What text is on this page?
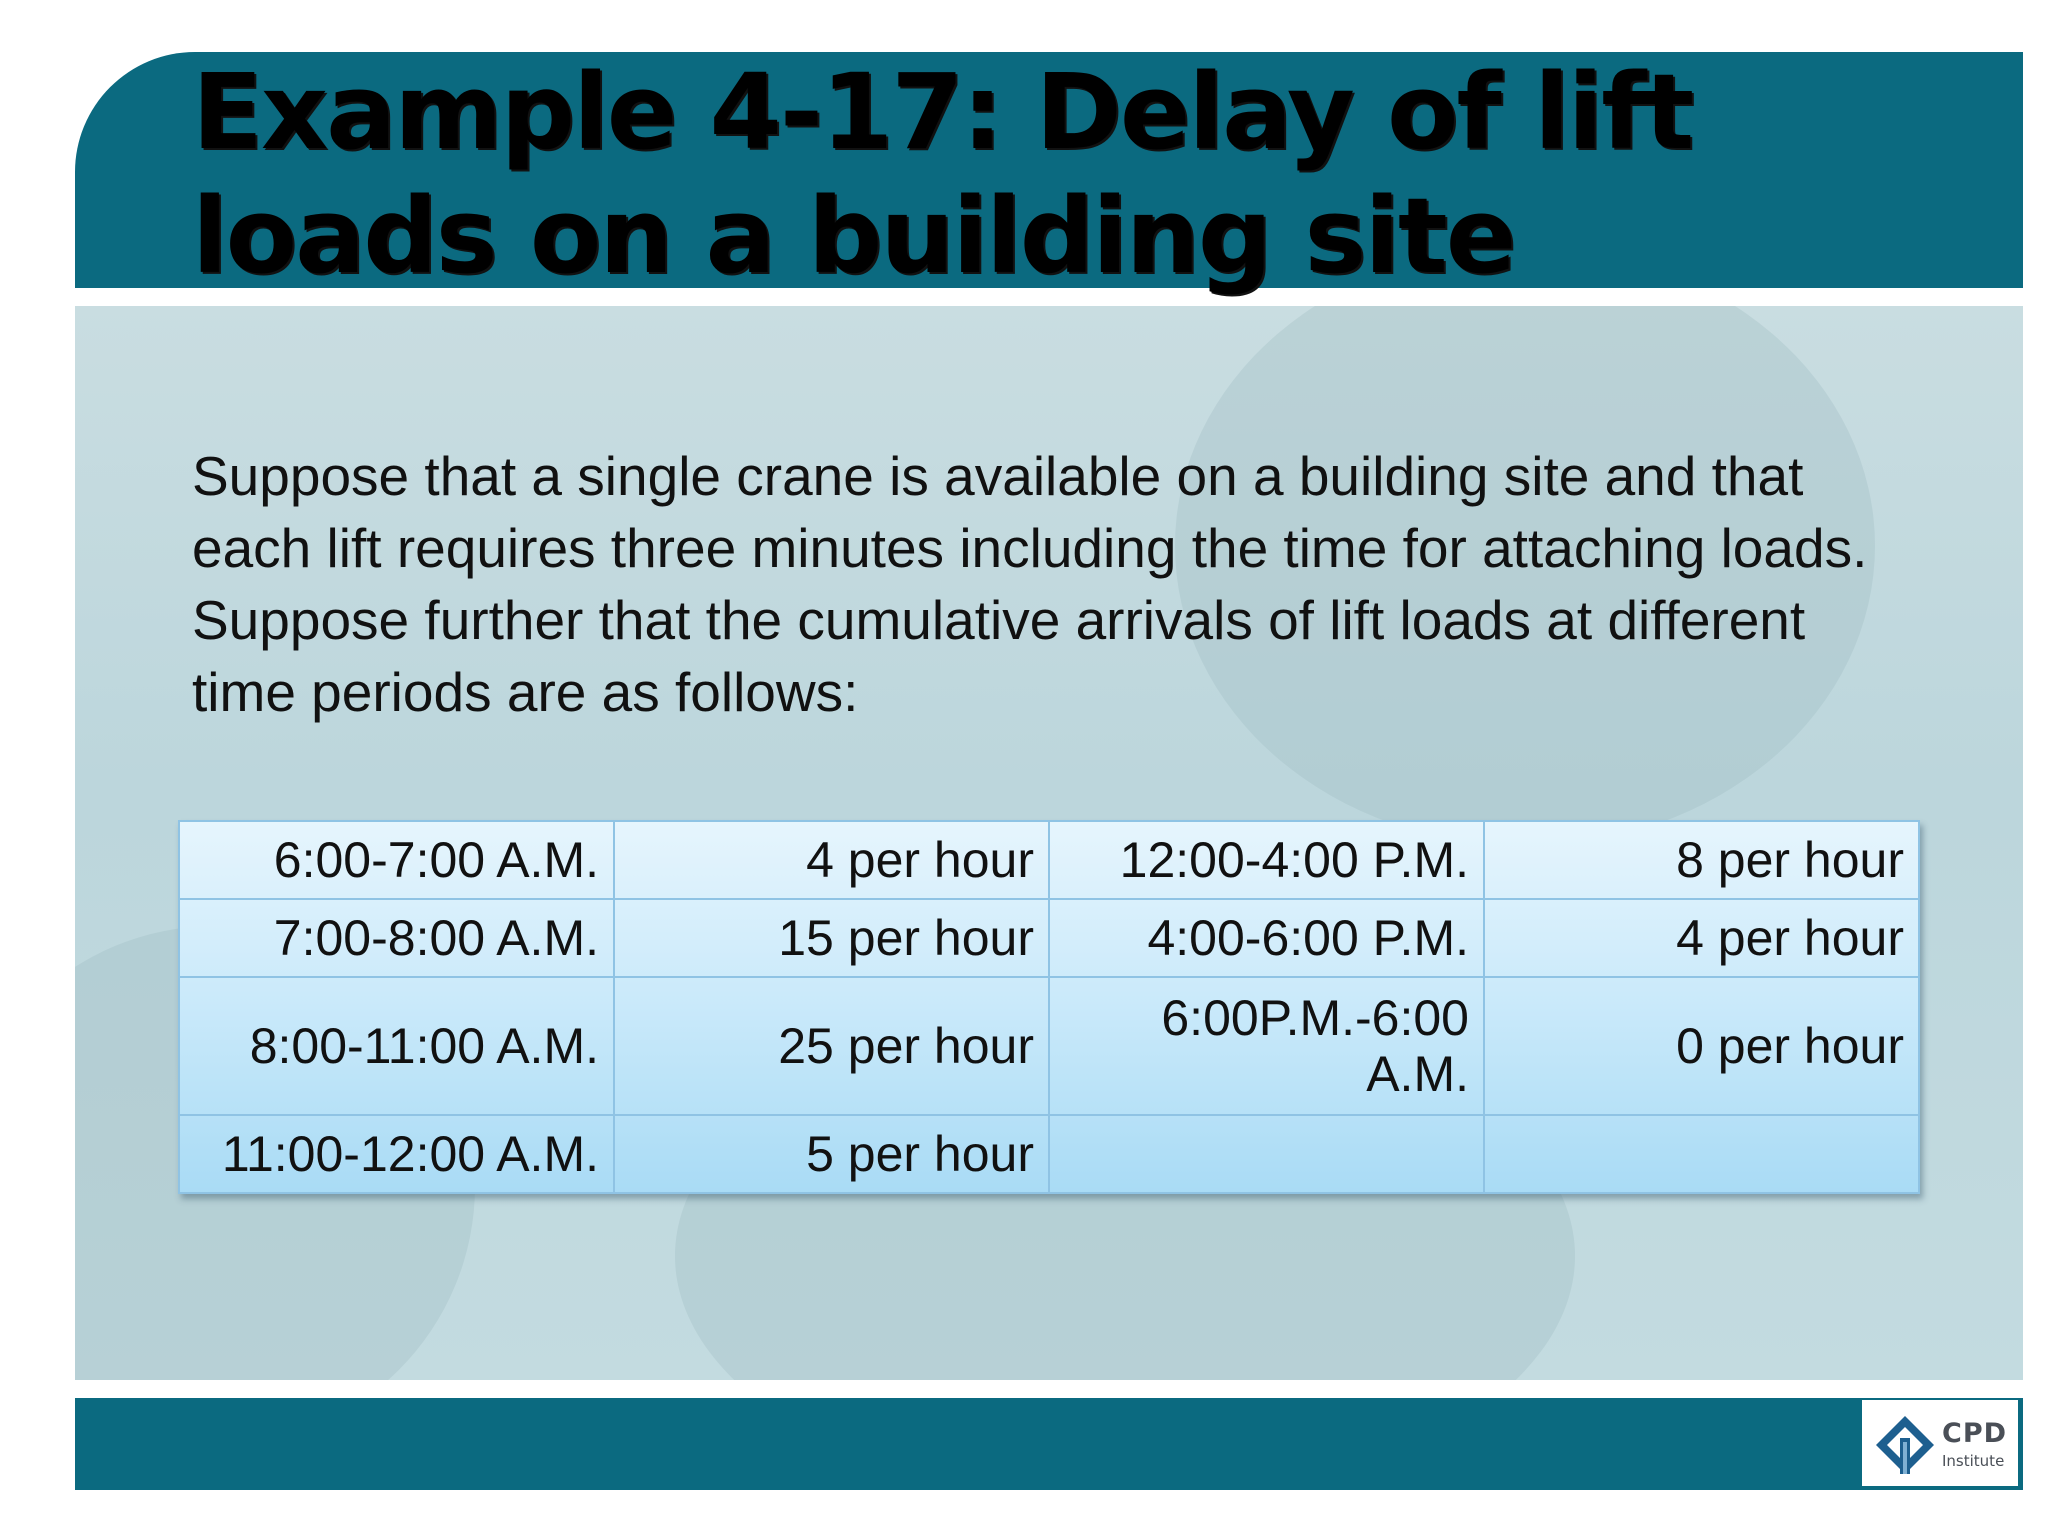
Example 4-17: Delay of lift loads on a building site

Suppose that a single crane is available on a building site and that each lift requires three minutes including the time for attaching loads. Suppose further that the cumulative arrivals of lift loads at different time periods are as follows:

6:00-7:00 A.M.	4 per hour	12:00-4:00 P.M.	8 per hour
7:00-8:00 A.M.	15 per hour	4:00-6:00 P.M.	4 per hour
8:00-11:00 A.M.	25 per hour	6:00P.M.-6:00 A.M.	0 per hour
11:00-12:00 A.M.	5 per hour		
CPD
Institute
